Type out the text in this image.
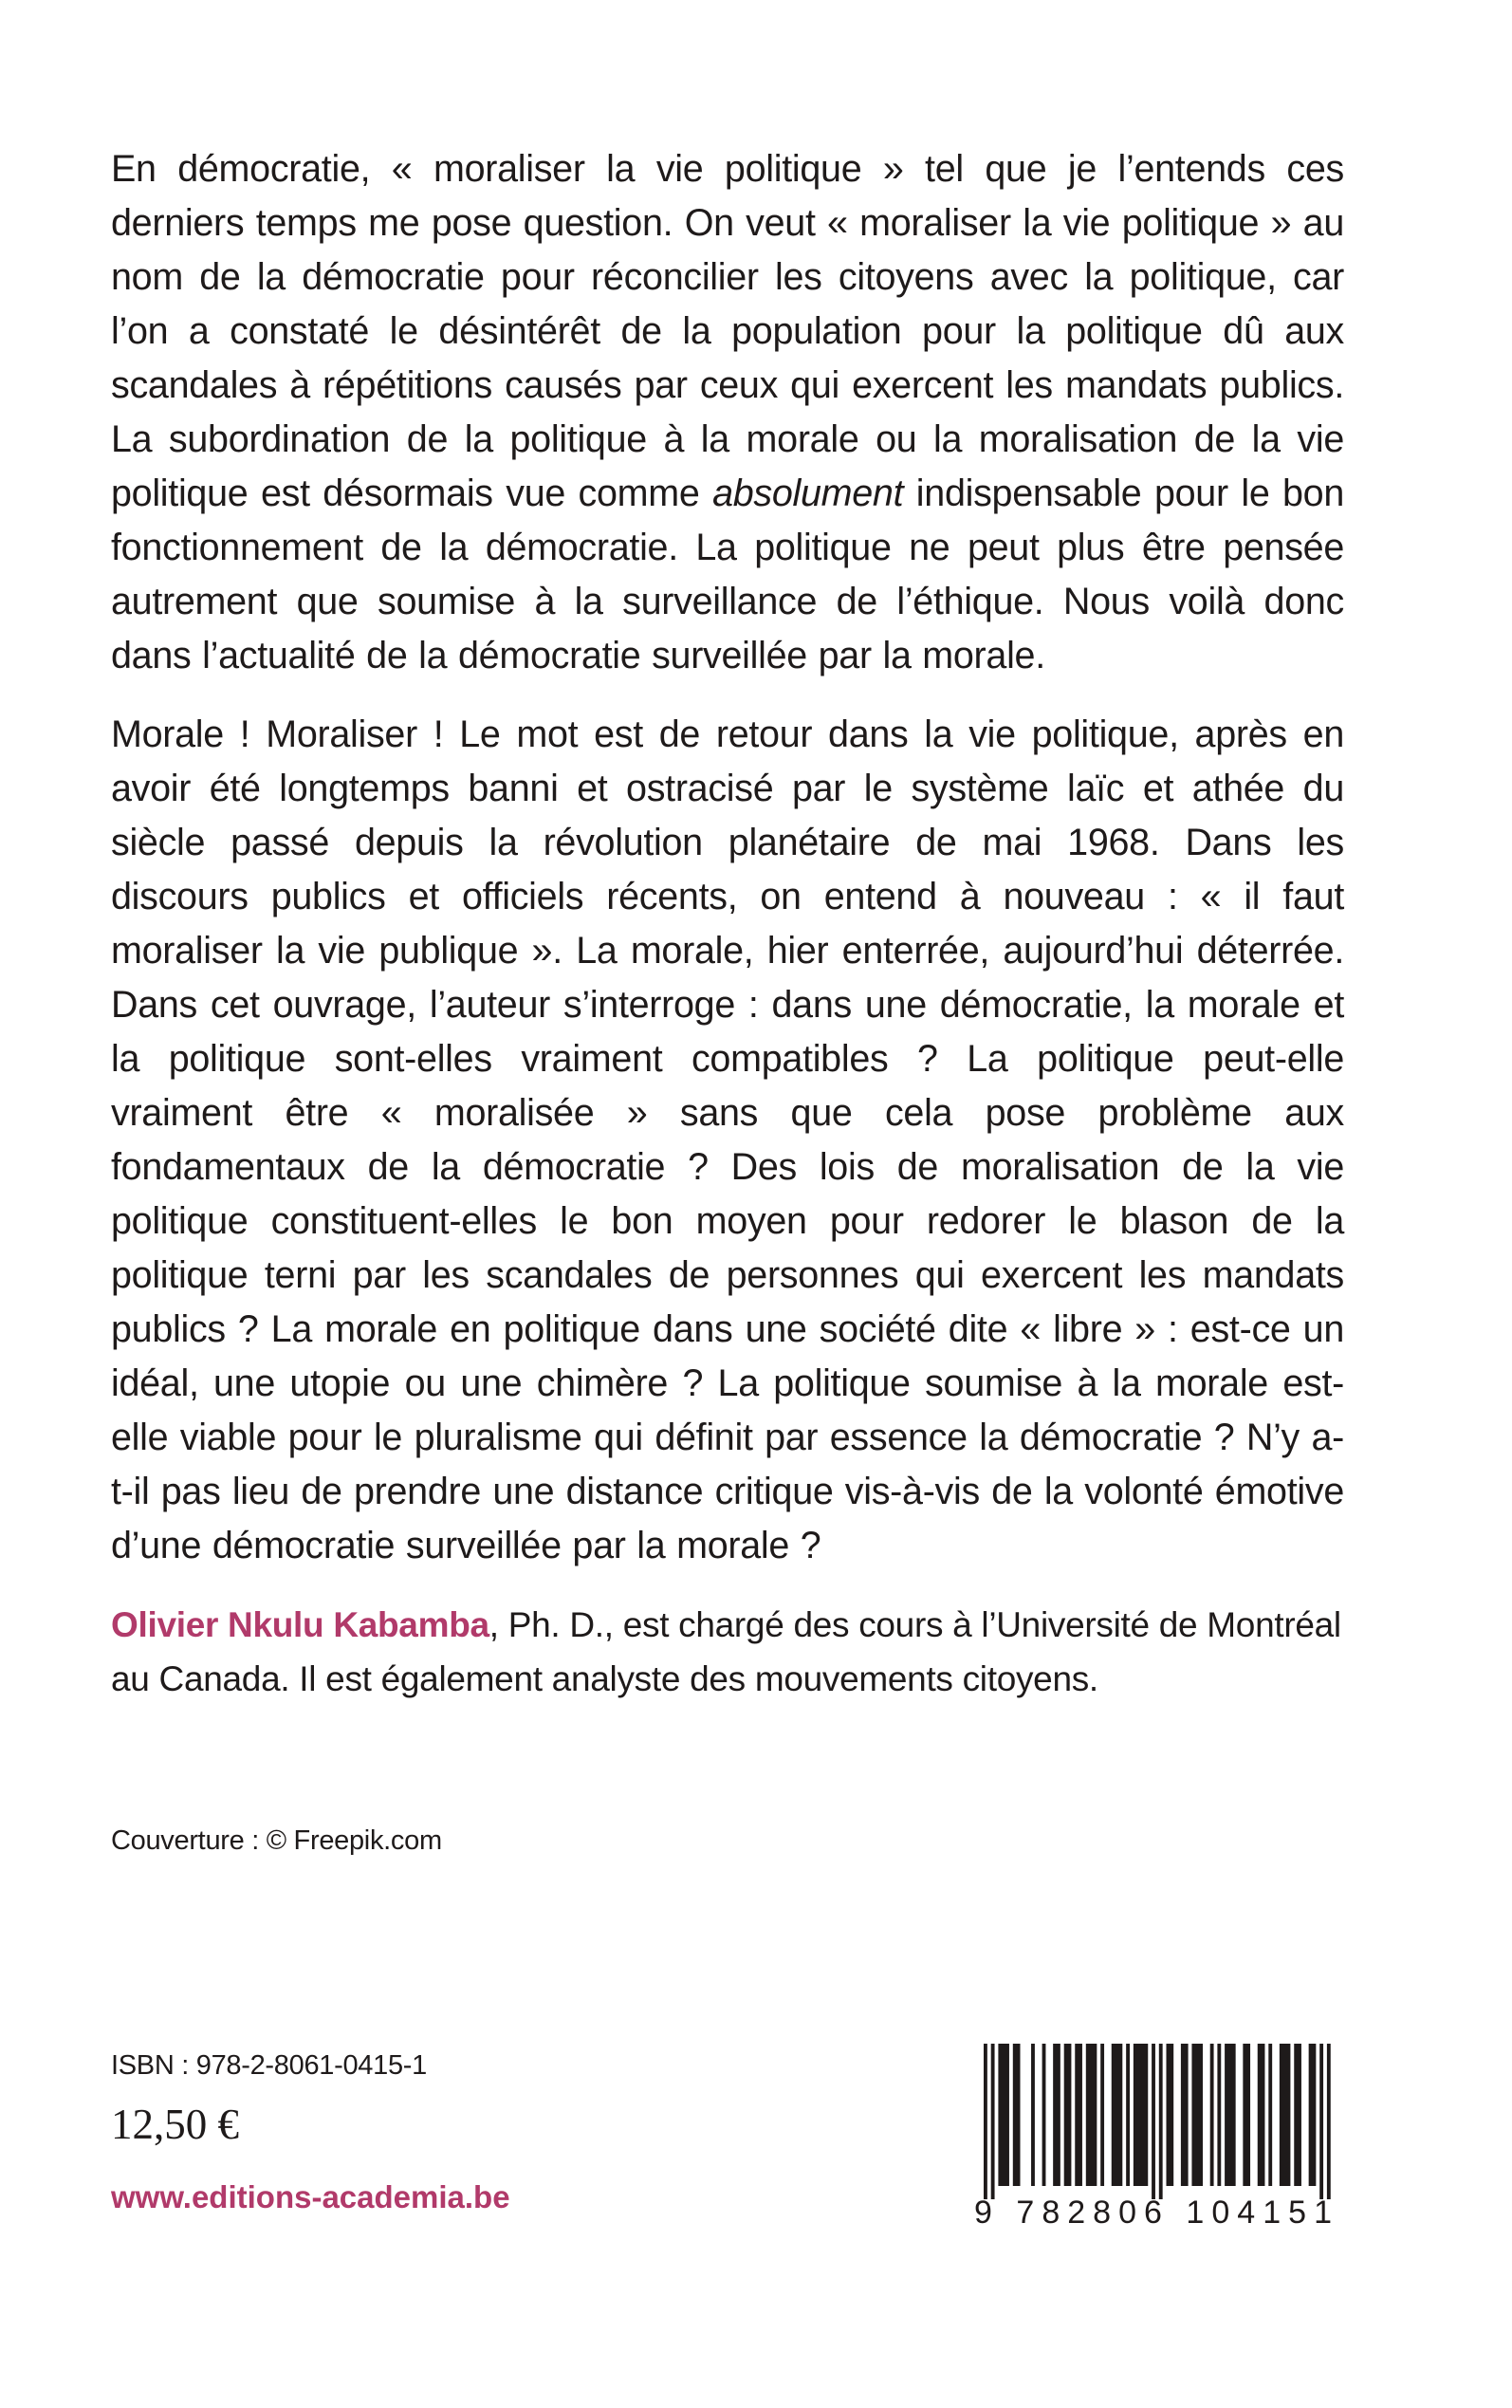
En démocratie, « moraliser la vie politique » tel que je l’entends ces derniers temps me pose question. On veut « moraliser la vie politique » au nom de la démocratie pour réconcilier les citoyens avec la politique, car l’on a constaté le désintérêt de la population pour la politique dû aux scandales à répétitions causés par ceux qui exercent les mandats publics. La subordination de la politique à la morale ou la moralisation de la vie politique est désormais vue comme absolument indispensable pour le bon fonctionnement de la démocratie. La politique ne peut plus être pensée autrement que soumise à la surveillance de l’éthique. Nous voilà donc dans l’actualité de la démocratie surveillée par la morale.

Morale ! Moraliser ! Le mot est de retour dans la vie politique, après en avoir été longtemps banni et ostracisé par le système laïc et athée du siècle passé depuis la révolution planétaire de mai 1968. Dans les discours publics et officiels récents, on entend à nouveau : « il faut moraliser la vie publique ». La morale, hier enterrée, aujourd’hui déterrée. Dans cet ouvrage, l’auteur s’interroge : dans une démocratie, la morale et la politique sont-elles vraiment compatibles ? La politique peut-elle vraiment être « moralisée » sans que cela pose problème aux fondamentaux de la démocratie ? Des lois de moralisation de la vie politique constituent-elles le bon moyen pour redorer le blason de la politique terni par les scandales de personnes qui exercent les mandats publics ? La morale en politique dans une société dite « libre » : est-ce un idéal, une utopie ou une chimère ? La politique soumise à la morale est-elle viable pour le pluralisme qui définit par essence la démocratie ? N’y a-t-il pas lieu de prendre une distance critique vis-à-vis de la volonté émotive d’une démocratie surveillée par la morale ?

Olivier Nkulu Kabamba, Ph. D., est chargé des cours à l’Université de Montréal
au Canada. Il est également analyste des mouvements citoyens.

Couverture : © Freepik.com

ISBN : 978-2-8061-0415-1

12,50 €

www.editions-academia.be	9 782806 104151
